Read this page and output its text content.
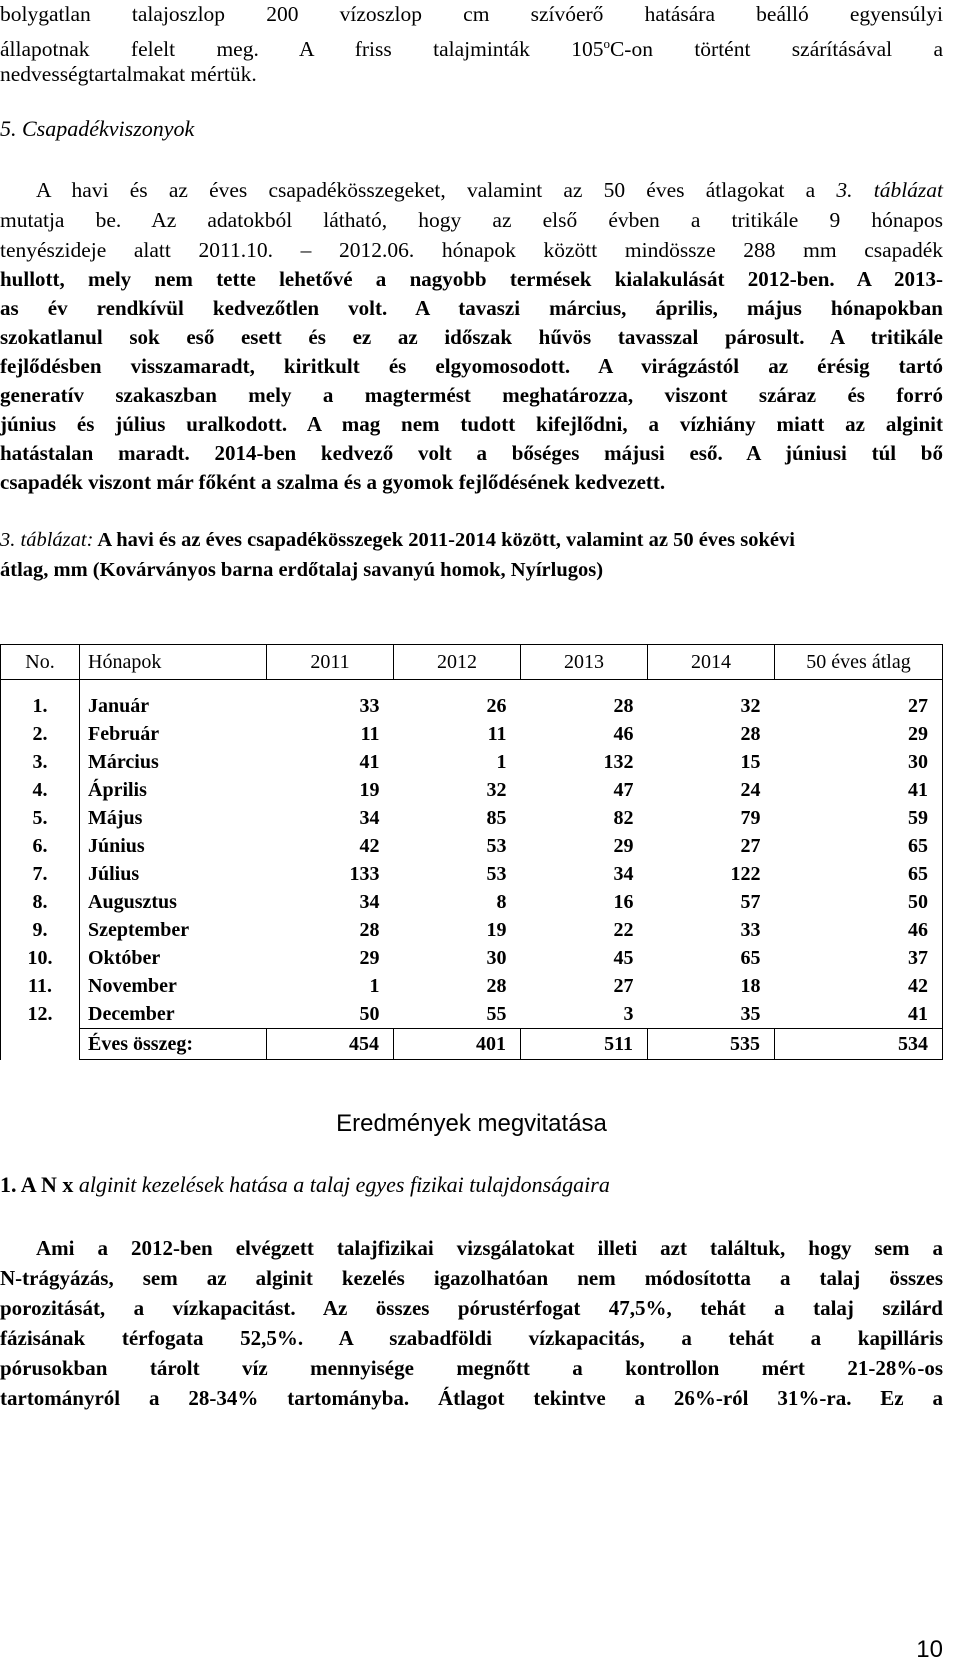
bolygatlan talajoszlop 200 vízoszlop cm szívóerő hatására beálló egyensúlyi
állapotnak felelt meg. A friss talajminták 105$^o$C-on történt szárításával a
nedvességtartalmakat mértük.
5. Csapadékviszonyok
A havi és az éves csapadékösszegeket, valamint az 50 éves átlagokat a 3. táblázat
mutatja be. Az adatokból látható, hogy az első évben a tritikále 9 hónapos
tenyészideje alatt 2011.10. – 2012.06. hónapok között mindössze 288 mm csapadék
hullott, mely nem tette lehetővé a nagyobb termések kialakulását 2012-ben. A 2013-
as év rendkívül kedvezőtlen volt. A tavaszi március, április, május hónapokban
szokatlanul sok eső esett és ez az időszak hűvös tavasszal párosult. A tritikále
fejlődésben visszamaradt, kiritkult és elgyomosodott. A virágzástól az érésig tartó
generatív szakaszban mely a magtermést meghatározza, viszont száraz és forró
június és július uralkodott. A mag nem tudott kifejlődni, a vízhiány miatt az alginit
hatástalan maradt. 2014-ben kedvező volt a bőséges májusi eső. A júniusi túl bő
csapadék viszont már főként a szalma és a gyomok fejlődésének kedvezett.
3. táblázat: A havi és az éves csapadékösszegek 2011-2014 között, valamint az 50 éves sokévi
átlag, mm (Kovárványos barna erdőtalaj savanyú homok, Nyírlugos)
No.	Hónapok	2011	2012	2013	2014	50 éves átlag

1.	Január	33	26	28	32	27
2.	Február	11	11	46	28	29
3.	Március	41	1	132	15	30
4.	Április	19	32	47	24	41
5.	Május	34	85	82	79	59
6.	Június	42	53	29	27	65
7.	Július	133	53	34	122	65
8.	Augusztus	34	8	16	57	50
9.	Szeptember	28	19	22	33	46
10.	Október	29	30	45	65	37
11.	November	1	28	27	18	42
12.	December	50	55	3	35	41
	Éves összeg:	454	401	511	535	534
Eredmények megvitatása
1. A N x alginit kezelések hatása a talaj egyes fizikai tulajdonságaira
Ami a 2012-ben elvégzett talajfizikai vizsgálatokat illeti azt találtuk, hogy sem a
N-trágyázás, sem az alginit kezelés igazolhatóan nem módosította a talaj összes
porozitását, a vízkapacitást. Az összes pórustérfogat 47,5%, tehát a talaj szilárd
fázisának térfogata 52,5%. A szabadföldi vízkapacitás, a tehát a kapilláris
pórusokban tárolt víz mennyisége megnőtt a kontrollon mért 21-28%-os
tartományról a 28-34% tartományba. Átlagot tekintve a 26%-ról 31%-ra. Ez a
10
